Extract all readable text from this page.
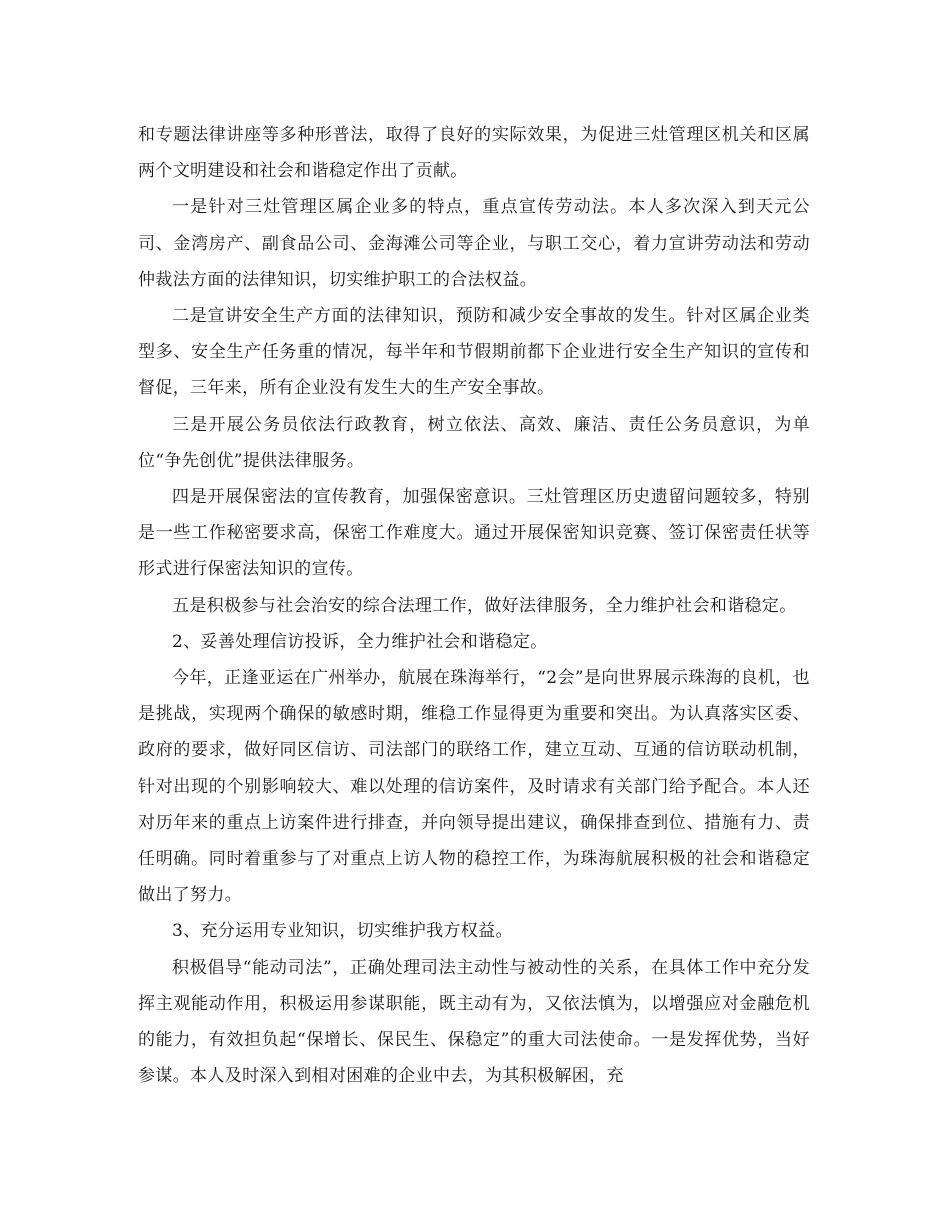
和专题法律讲座等多种形普法，取得了良好的实际效果，为促进三灶管理区机关和区属两个文明建设和社会和谐稳定作出了贡献。

一是针对三灶管理区属企业多的特点，重点宣传劳动法。本人多次深入到天元公司、金湾房产、副食品公司、金海滩公司等企业，与职工交心，着力宣讲劳动法和劳动仲裁法方面的法律知识，切实维护职工的合法权益。

二是宣讲安全生产方面的法律知识，预防和减少安全事故的发生。针对区属企业类型多、安全生产任务重的情况，每半年和节假期前都下企业进行安全生产知识的宣传和督促，三年来，所有企业没有发生大的生产安全事故。

三是开展公务员依法行政教育，树立依法、高效、廉洁、责任公务员意识，为单位“争先创优”提供法律服务。

四是开展保密法的宣传教育，加强保密意识。三灶管理区历史遗留问题较多，特别是一些工作秘密要求高，保密工作难度大。通过开展保密知识竞赛、签订保密责任状等形式进行保密法知识的宣传。

五是积极参与社会治安的综合法理工作，做好法律服务，全力维护社会和谐稳定。

2、妥善处理信访投诉，全力维护社会和谐稳定。

今年，正逢亚运在广州举办，航展在珠海举行，“2会”是向世界展示珠海的良机，也是挑战，实现两个确保的敏感时期，维稳工作显得更为重要和突出。为认真落实区委、政府的要求，做好同区信访、司法部门的联络工作，建立互动、互通的信访联动机制，针对出现的个别影响较大、难以处理的信访案件，及时请求有关部门给予配合。本人还对历年来的重点上访案件进行排查，并向领导提出建议，确保排查到位、措施有力、责任明确。同时着重参与了对重点上访人物的稳控工作，为珠海航展积极的社会和谐稳定做出了努力。

3、充分运用专业知识，切实维护我方权益。

积极倡导“能动司法”，正确处理司法主动性与被动性的关系，在具体工作中充分发挥主观能动作用，积极运用参谋职能，既主动有为，又依法慎为，以增强应对金融危机的能力，有效担负起“保增长、保民生、保稳定”的重大司法使命。一是发挥优势，当好参谋。本人及时深入到相对困难的企业中去，为其积极解困，充
